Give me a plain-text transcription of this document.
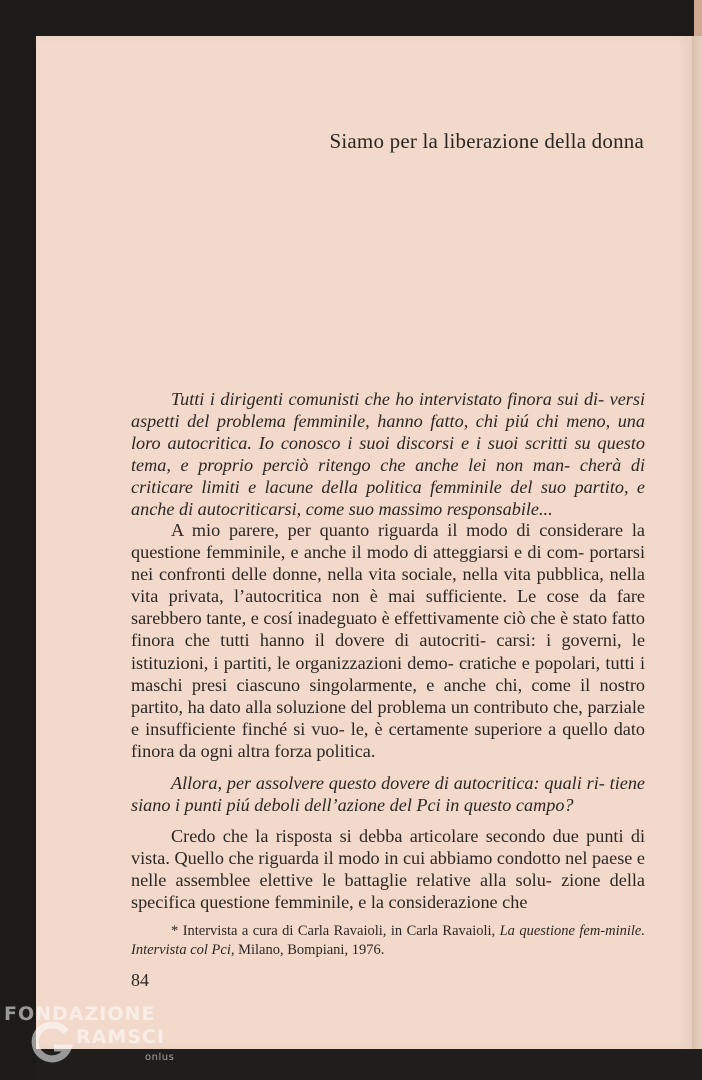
Siamo per la liberazione della donna

Tutti i dirigenti comunisti che ho intervistato finora sui di- versi aspetti del problema femminile, hanno fatto, chi piú chi meno, una loro autocritica. Io conosco i suoi discorsi e i suoi scritti su questo tema, e proprio perciò ritengo che anche lei non man- cherà di criticare limiti e lacune della politica femminile del suo partito, e anche di autocriticarsi, come suo massimo responsabile...

A mio parere, per quanto riguarda il modo di considerare la questione femminile, e anche il modo di atteggiarsi e di com- portarsi nei confronti delle donne, nella vita sociale, nella vita pubblica, nella vita privata, l’autocritica non è mai sufficiente. Le cose da fare sarebbero tante, e cosí inadeguato è effettivamente ciò che è stato fatto finora che tutti hanno il dovere di autocriti- carsi: i governi, le istituzioni, i partiti, le organizzazioni demo- cratiche e popolari, tutti i maschi presi ciascuno singolarmente, e anche chi, come il nostro partito, ha dato alla soluzione del problema un contributo che, parziale e insufficiente finché si vuo- le, è certamente superiore a quello dato finora da ogni altra forza politica.

Allora, per assolvere questo dovere di autocritica: quali ri- tiene siano i punti piú deboli dell’azione del Pci in questo campo?

Credo che la risposta si debba articolare secondo due punti di vista. Quello che riguarda il modo in cui abbiamo condotto nel paese e nelle assemblee elettive le battaglie relative alla solu- zione della specifica questione femminile, e la considerazione che

* Intervista a cura di Carla Ravaioli, in Carla Ravaioli, La questione fem-minile. Intervista col Pci, Milano, Bompiani, 1976.

84
FONDAZIONE
RAMSCI
onlus
